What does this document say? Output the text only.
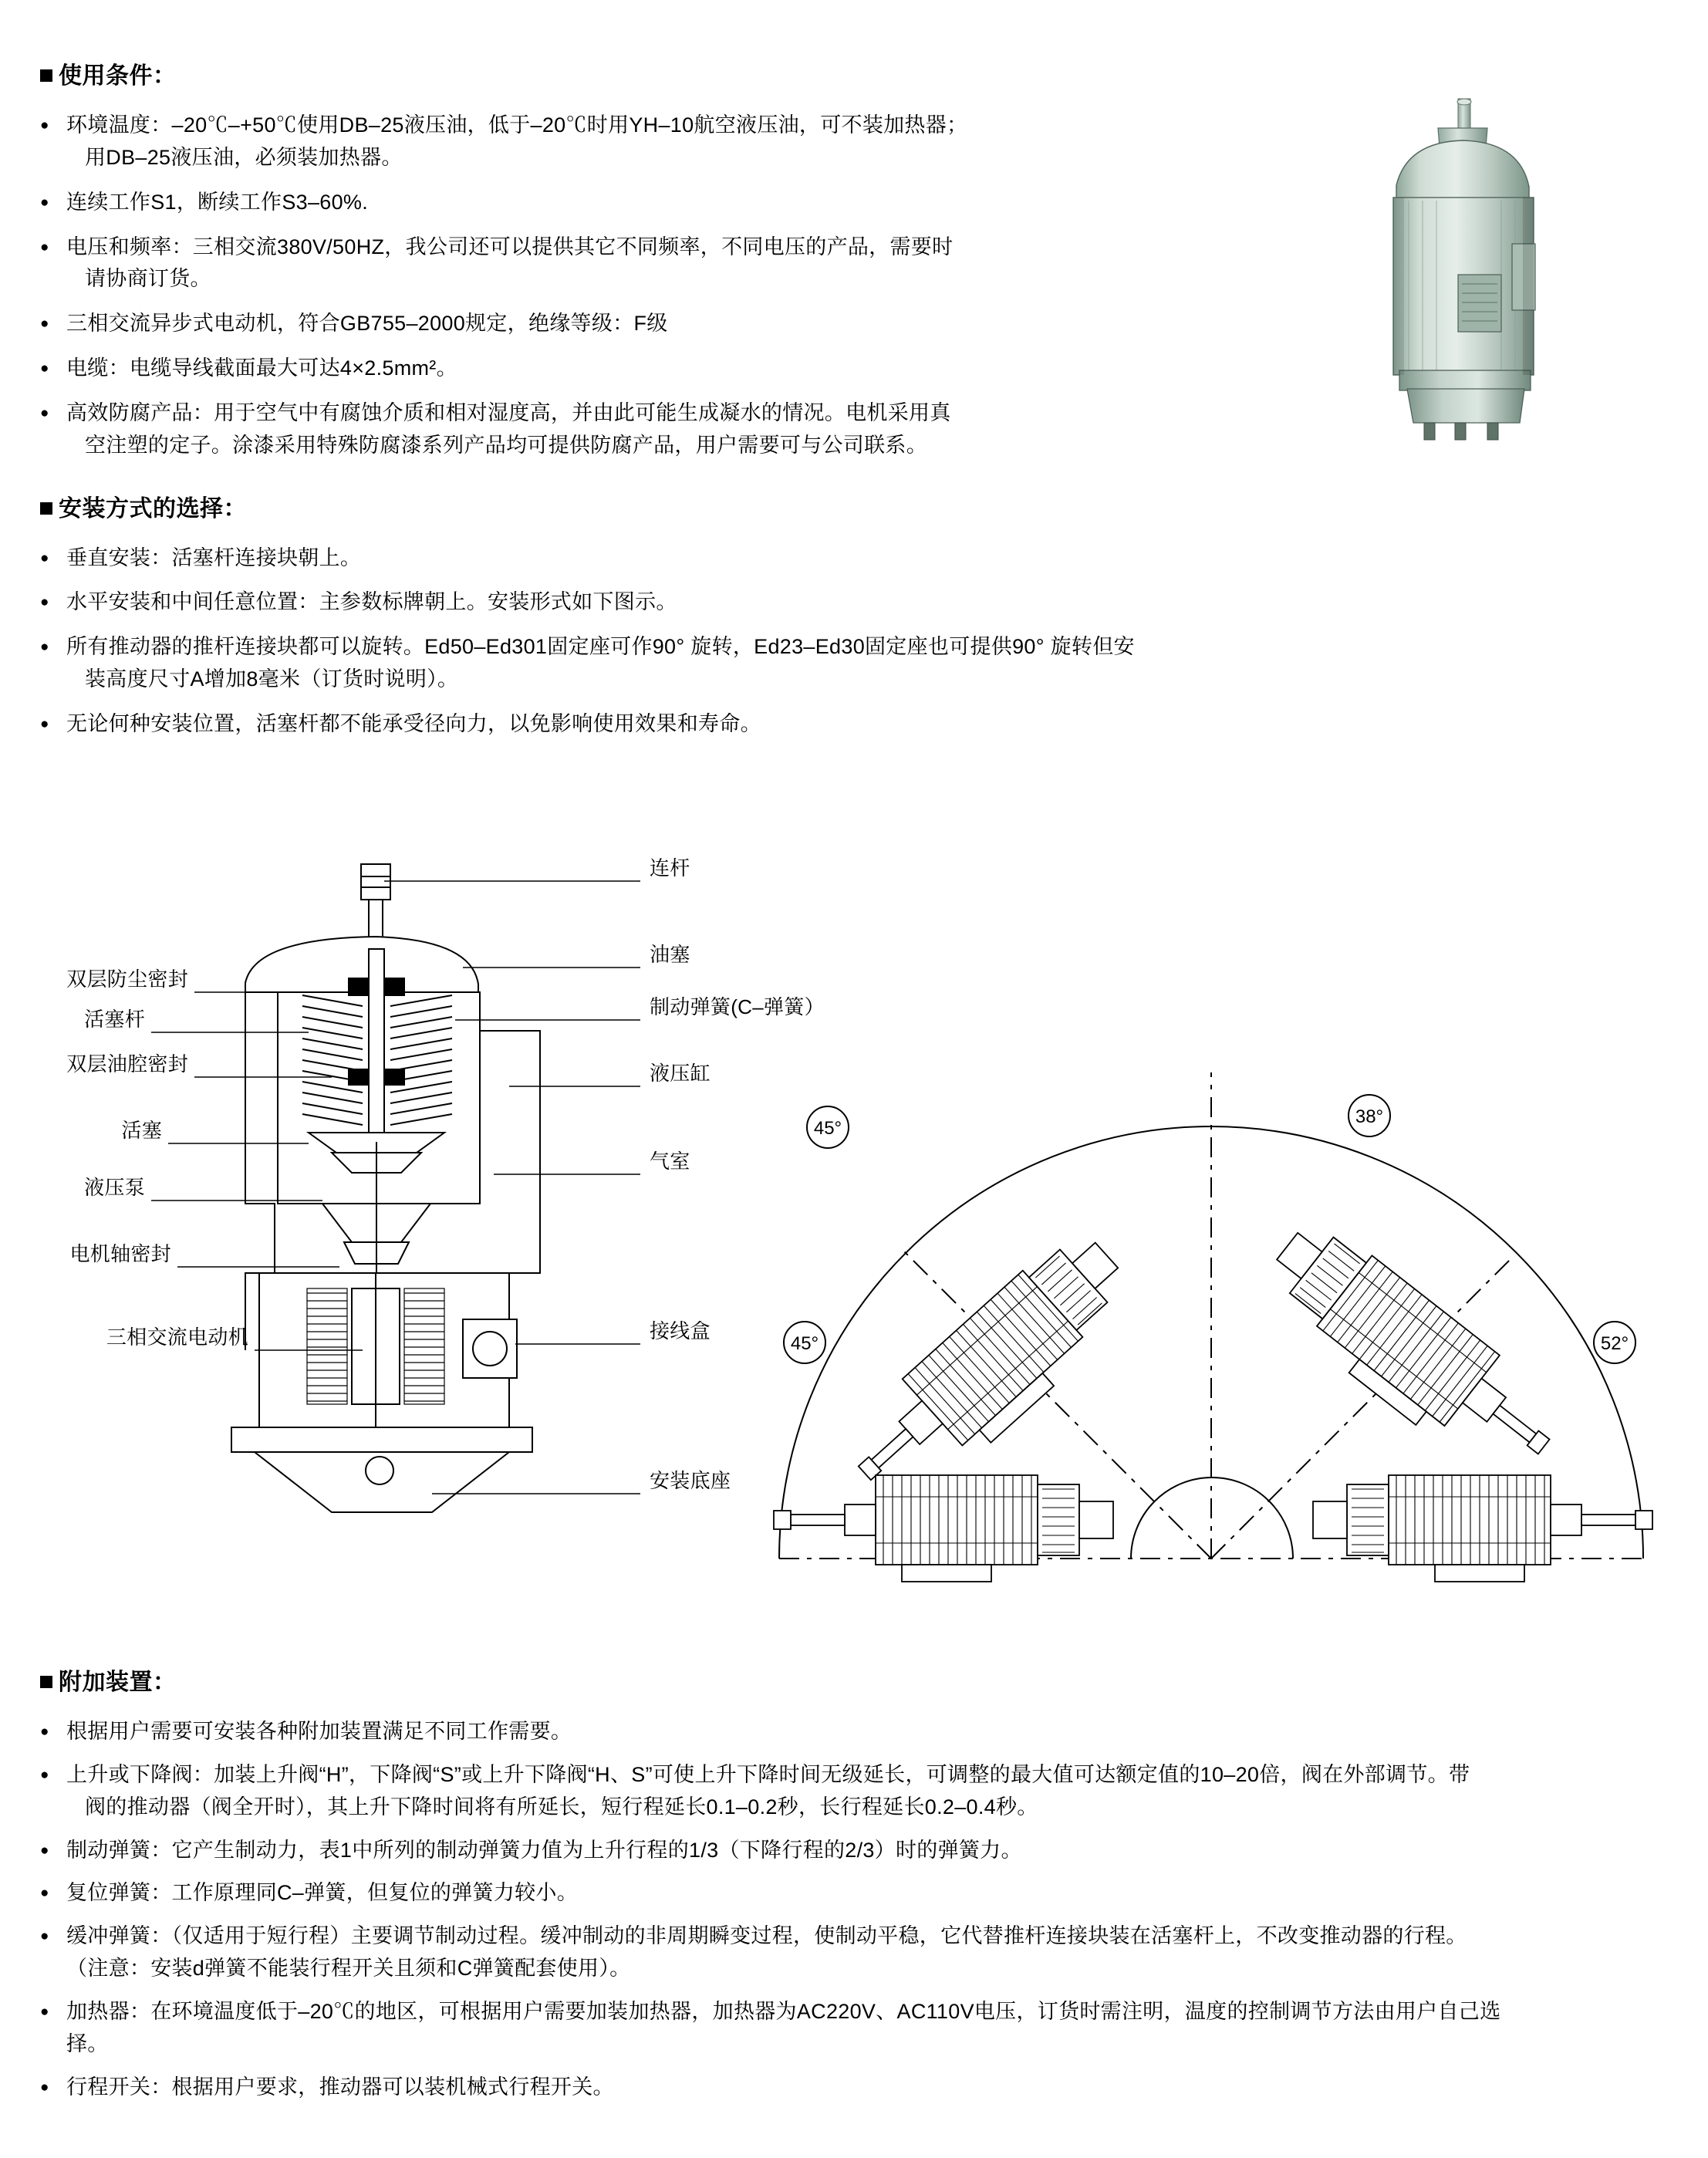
使用条件：

● 环境温度：–20℃–+50℃使用DB–25液压油，低于–20℃时用YH–10航空液压油，可不装加热器；
用DB–25液压油，必须装加热器。

● 连续工作S1，断续工作S3–60%.

● 电压和频率：三相交流380V/50HZ，我公司还可以提供其它不同频率，不同电压的产品，需要时
请协商订货。

● 三相交流异步式电动机，符合GB755–2000规定，绝缘等级：F级

● 电缆：电缆导线截面最大可达4×2.5mm²。

● 高效防腐产品：用于空气中有腐蚀介质和相对湿度高，并由此可能生成凝水的情况。电机采用真
空注塑的定子。涂漆采用特殊防腐漆系列产品均可提供防腐产品，用户需要可与公司联系。

安装方式的选择：

● 垂直安装：活塞杆连接块朝上。

● 水平安装和中间任意位置：主参数标牌朝上。安装形式如下图示。

● 所有推动器的推杆连接块都可以旋转。Ed50–Ed301固定座可作90° 旋转，Ed23–Ed30固定座也可提供90° 旋转但安
装高度尺寸A增加8毫米（订货时说明）。

● 无论何种安装位置，活塞杆都不能承受径向力，以免影响使用效果和寿命。

双层防尘密封
活塞杆
双层油腔密封
活塞
液压泵
电机轴密封
三相交流电动机
连杆
油塞
制动弹簧(C–弹簧）
液压缸
气室
接线盒
安装底座
45°
38°
45°	52°
附加装置：

● 根据用户需要可安装各种附加装置满足不同工作需要。

● 上升或下降阀：加装上升阀“H”，下降阀“S”或上升下降阀“H、S”可使上升下降时间无级延长，可调整的最大值可达额定值的10–20倍，阀在外部调节。带
阀的推动器（阀全开时），其上升下降时间将有所延长，短行程延长0.1–0.2秒，长行程延长0.2–0.4秒。

● 制动弹簧：它产生制动力，表1中所列的制动弹簧力值为上升行程的1/3（下降行程的2/3）时的弹簧力。

● 复位弹簧：工作原理同C–弹簧，但复位的弹簧力较小。

● 缓冲弹簧：（仅适用于短行程）主要调节制动过程。缓冲制动的非周期瞬变过程，使制动平稳，它代替推杆连接块装在活塞杆上，不改变推动器的行程。
（注意：安装d弹簧不能装行程开关且须和C弹簧配套使用）。

● 加热器：在环境温度低于–20℃的地区，可根据用户需要加装加热器，加热器为AC220V、AC110V电压，订货时需注明，温度的控制调节方法由用户自己选
择。

● 行程开关：根据用户要求，推动器可以装机械式行程开关。
